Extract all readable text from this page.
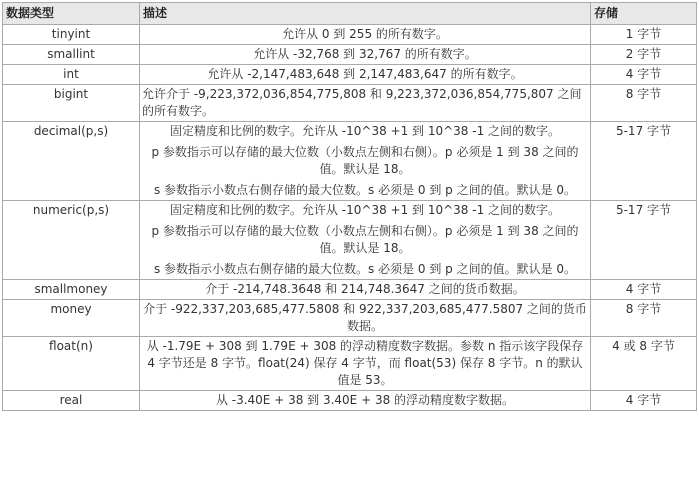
数据类型	描述	存储
tinyint	允许从 0 到 255 的所有数字。	1 字节
smallint	允许从 -32,768 到 32,767 的所有数字。	2 字节
int	允许从 -2,147,483,648 到 2,147,483,647 的所有数字。	4 字节
bigint	允许介于 -9,223,372,036,854,775,808 和 9,223,372,036,854,775,807 之间的所有数字。	8 字节
decimal(p,s)	固定精度和比例的数字。允许从 -10^38 +1 到 10^38 -1 之间的数字。

p 参数指示可以存储的最大位数（小数点左侧和右侧）。p 必须是 1 到 38 之间的值。默认是 18。

s 参数指示小数点右侧存储的最大位数。s 必须是 0 到 p 之间的值。默认是 0。	5-17 字节
numeric(p,s)	固定精度和比例的数字。允许从 -10^38 +1 到 10^38 -1 之间的数字。

p 参数指示可以存储的最大位数（小数点左侧和右侧）。p 必须是 1 到 38 之间的值。默认是 18。

s 参数指示小数点右侧存储的最大位数。s 必须是 0 到 p 之间的值。默认是 0。	5-17 字节
smallmoney	介于 -214,748.3648 和 214,748.3647 之间的货币数据。	4 字节
money	介于 -922,337,203,685,477.5808 和 922,337,203,685,477.5807 之间的货币数据。	8 字节
float(n)	从 -1.79E + 308 到 1.79E + 308 的浮动精度数字数据。参数 n 指示该字段保存 4 字节还是 8 字节。float(24) 保存 4 字节，而 float(53) 保存 8 字节。n 的默认值是 53。	4 或 8 字节
real	从 -3.40E + 38 到 3.40E + 38 的浮动精度数字数据。	4 字节
